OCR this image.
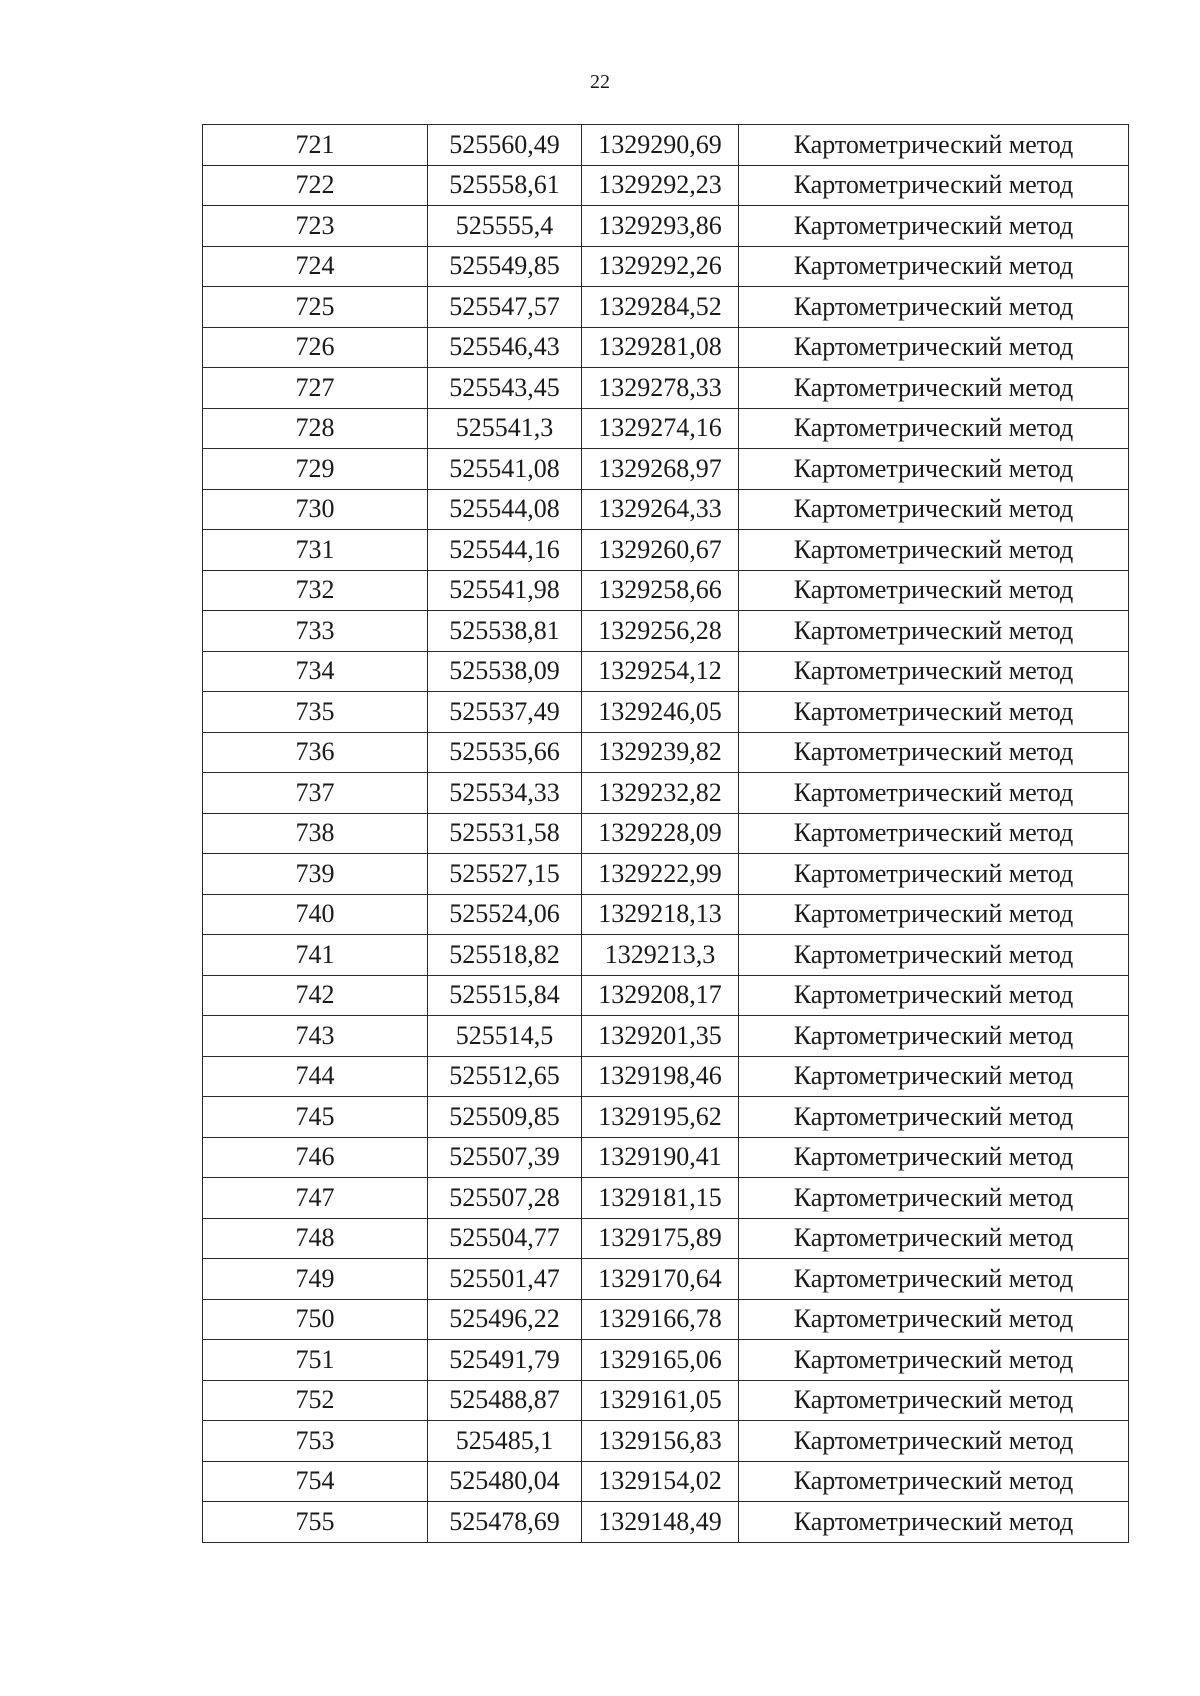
22
721	525560,49	1329290,69	Картометрический метод
722	525558,61	1329292,23	Картометрический метод
723	525555,4	1329293,86	Картометрический метод
724	525549,85	1329292,26	Картометрический метод
725	525547,57	1329284,52	Картометрический метод
726	525546,43	1329281,08	Картометрический метод
727	525543,45	1329278,33	Картометрический метод
728	525541,3	1329274,16	Картометрический метод
729	525541,08	1329268,97	Картометрический метод
730	525544,08	1329264,33	Картометрический метод
731	525544,16	1329260,67	Картометрический метод
732	525541,98	1329258,66	Картометрический метод
733	525538,81	1329256,28	Картометрический метод
734	525538,09	1329254,12	Картометрический метод
735	525537,49	1329246,05	Картометрический метод
736	525535,66	1329239,82	Картометрический метод
737	525534,33	1329232,82	Картометрический метод
738	525531,58	1329228,09	Картометрический метод
739	525527,15	1329222,99	Картометрический метод
740	525524,06	1329218,13	Картометрический метод
741	525518,82	1329213,3	Картометрический метод
742	525515,84	1329208,17	Картометрический метод
743	525514,5	1329201,35	Картометрический метод
744	525512,65	1329198,46	Картометрический метод
745	525509,85	1329195,62	Картометрический метод
746	525507,39	1329190,41	Картометрический метод
747	525507,28	1329181,15	Картометрический метод
748	525504,77	1329175,89	Картометрический метод
749	525501,47	1329170,64	Картометрический метод
750	525496,22	1329166,78	Картометрический метод
751	525491,79	1329165,06	Картометрический метод
752	525488,87	1329161,05	Картометрический метод
753	525485,1	1329156,83	Картометрический метод
754	525480,04	1329154,02	Картометрический метод
755	525478,69	1329148,49	Картометрический метод
